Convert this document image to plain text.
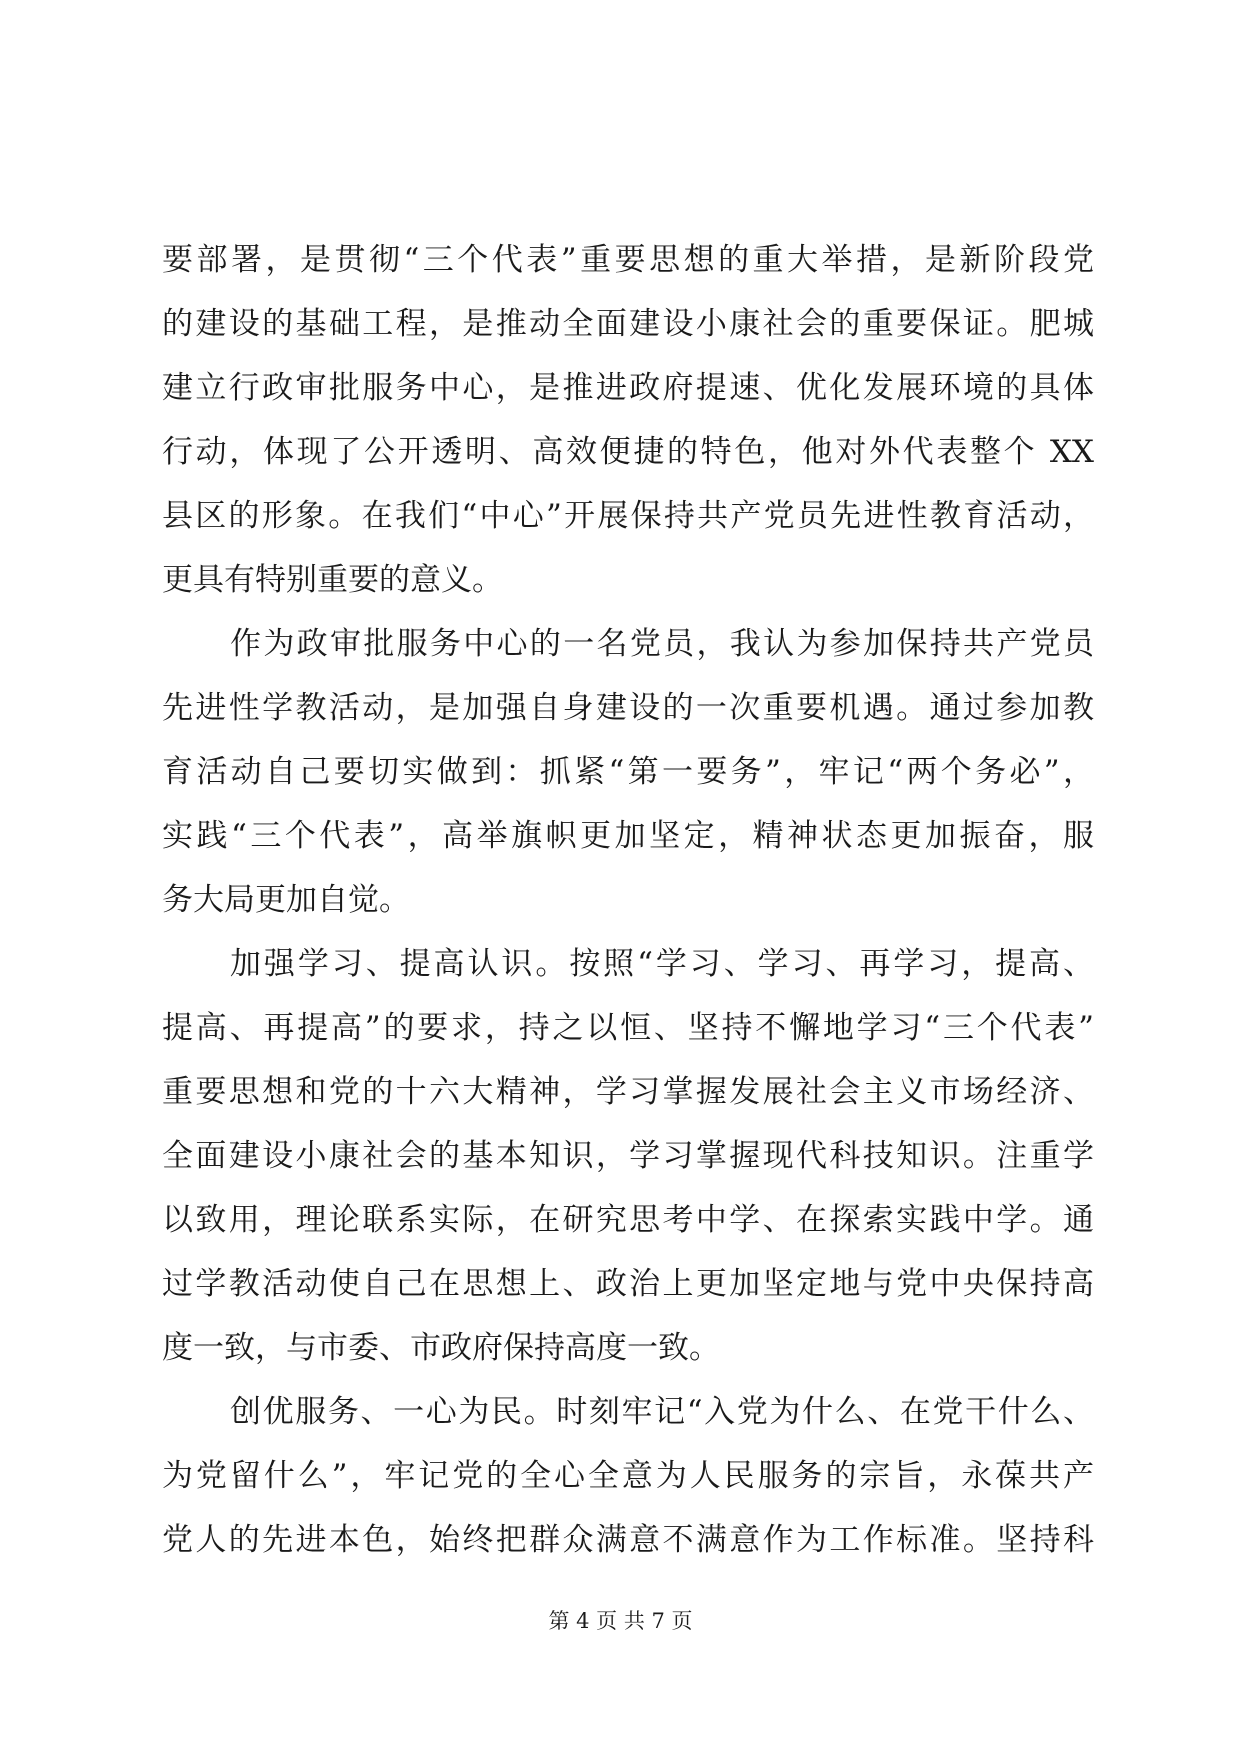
要部署，是贯彻“三个代表”重要思想的重大举措，是新阶段党
的建设的基础工程，是推动全面建设小康社会的重要保证。肥城
建立行政审批服务中心，是推进政府提速、优化发展环境的具体
行动，体现了公开透明、高效便捷的特色，他对外代表整个 XX
县区的形象。在我们“中心”开展保持共产党员先进性教育活动，
更具有特别重要的意义。
作为政审批服务中心的一名党员，我认为参加保持共产党员
先进性学教活动，是加强自身建设的一次重要机遇。通过参加教
育活动自己要切实做到：抓紧“第一要务”，牢记“两个务必”，
实践“三个代表”，高举旗帜更加坚定，精神状态更加振奋，服
务大局更加自觉。
加强学习、提高认识。按照“学习、学习、再学习，提高、
提高、再提高”的要求，持之以恒、坚持不懈地学习“三个代表”
重要思想和党的十六大精神，学习掌握发展社会主义市场经济、
全面建设小康社会的基本知识，学习掌握现代科技知识。注重学
以致用，理论联系实际，在研究思考中学、在探索实践中学。通
过学教活动使自己在思想上、政治上更加坚定地与党中央保持高
度一致，与市委、市政府保持高度一致。
创优服务、一心为民。时刻牢记“入党为什么、在党干什么、
为党留什么”，牢记党的全心全意为人民服务的宗旨，永葆共产
党人的先进本色，始终把群众满意不满意作为工作标准。坚持科
第 4 页 共 7 页
